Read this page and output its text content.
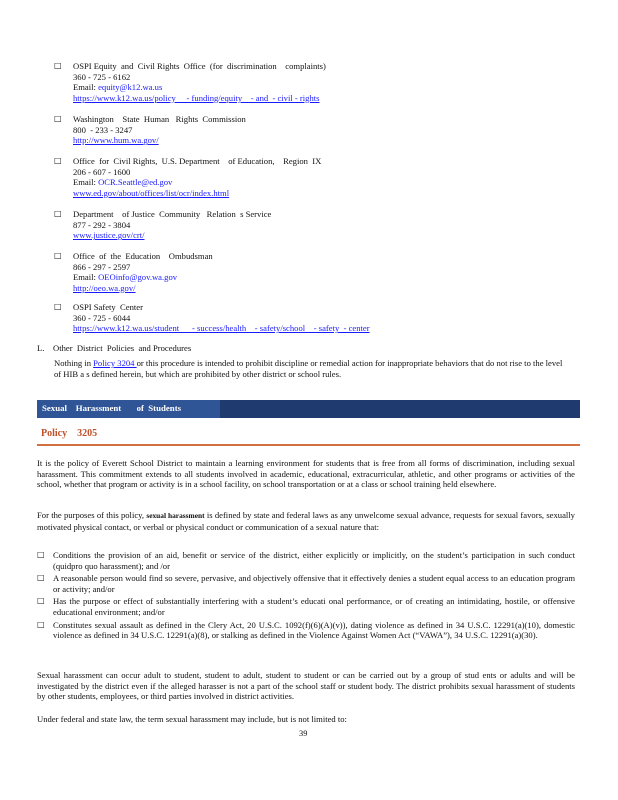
□ OSPI Equity  and  Civil Rights  Office  (for  discrimination    complaints)
360 - 725 - 6162
Email: equity@k12.wa.us
https://www.k12.wa.us/policy     - funding/equity    - and  - civil - rights
□ Washington    State  Human   Rights  Commission
800  - 233 - 3247
http://www.hum.wa.gov/
□ Office  for  Civil Rights,  U.S. Department    of Education,    Region  IX
206 - 607 - 1600
Email: OCR.Seattle@ed.gov
www.ed.gov/about/offices/list/ocr/index.html
□ Department    of Justice  Community   Relation  s Service
877 - 292 - 3804
www.justice.gov/crt/
□ Office  of  the  Education    Ombudsman
866 - 297 - 2597
Email: OEOinfo@gov.wa.gov
http://oeo.wa.gov/
□ OSPI Safety  Center
360 - 725 - 6044
https://www.k12.wa.us/student      - success/health    - safety/school    - safety  - center
L.    Other  District  Policies  and Procedures
Nothing in Policy 3204 or this procedure is intended to prohibit discipline or remedial action for inappropriate behaviors that do not rise to the level of HIB a s defined herein, but which are prohibited by other district or school rules.
Sexual    Harassment       of  Students
Policy    3205
It is the policy of Everett School District to maintain a learning environment for students that is free from all forms of discrimination, including sexual harassment. This commitment extends to all students involved in academic, educational, extracurricular, athletic, and other programs or activities of the school, whether that program or activity is in a school facility, on school transportation or at a class or school training held elsewhere.
For the purposes of this policy, sexual harassment is defined by state and federal laws as any unwelcome sexual advance, requests for sexual favors, sexually motivated physical contact, or verbal or physical conduct or communication of a sexual nature that:
□ Conditions the provision of an aid, benefit or service of the district, either explicitly or implicitly, on the student’s participation in such conduct (quidpro quo harassment); and /or
□ A reasonable person would find so severe, pervasive, and objectively offensive that it effectively denies a student equal access to an education program or activity; and/or
□ Has the purpose or effect of substantially interfering with a student’s educati onal performance, or of creating an intimidating, hostile, or offensive educational environment; and/or
□ Constitutes sexual assault as defined in the Clery Act, 20 U.S.C. 1092(f)(6)(A)(v)), dating violence as defined in 34 U.S.C. 12291(a)(10), domestic violence as defined in 34 U.S.C. 12291(a)(8), or stalking as defined in the Violence Against Women Act (“VAWA”), 34 U.S.C. 12291(a)(30).
Sexual harassment can occur adult to student, student to adult, student to student or can be carried out by a group of stud ents or adults and will be investigated by the district even if the alleged harasser is not a part of the school staff or student body. The district prohibits sexual harassment of students by other students, employees, or third parties involved in district activities.
Under federal and state law, the term sexual harassment may include, but is not limited to:
39
